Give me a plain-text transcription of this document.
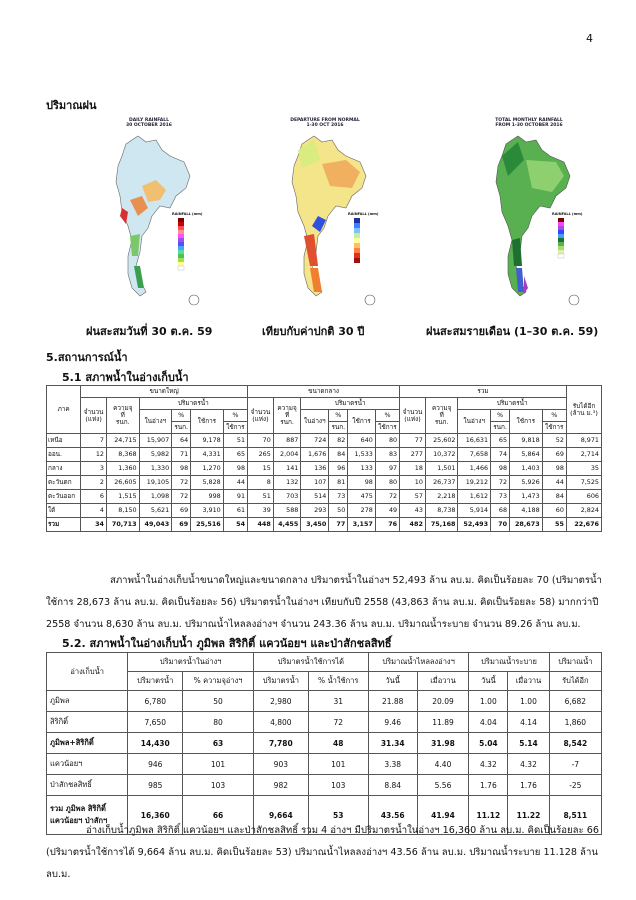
4
ปริมาณฝน
DAILY RAINFALL
30 OCTOBER 2016
RAINFALL (mm)
DEPARTURE FROM NORMAL
1-30 OCT 2016
RAINFALL (mm)
TOTAL MONTHLY RAINFALL
FROM 1-30 OCTOBER 2016
RAINFALL (mm)
ฝนสะสมวันที่ 30 ต.ค. 59	เทียบกับค่าปกติ 30 ปี	ฝนสะสมรายเดือน (1–30 ต.ค. 59)
5.สถานการณ์น้ำ
5.1 สภาพน้ำในอ่างเก็บน้ำ
ภาค	ขนาดใหญ่						ขนาดกลาง						รวม						รับได้อีก
(ล้าน ม.³)
	จำนวน
(แห่ง)	ความจุ
ที่
รนก.	ปริมาตรน้ำ				จำนวน
(แห่ง)	ความจุ
ที่
รนก.	ปริมาตรน้ำ				จำนวน
(แห่ง)	ความจุ
ที่
รนก.	ปริมาตรน้ำ				
			ในอ่างฯ	%	ใช้การ	%			ในอ่างฯ	%	ใช้การ	%			ในอ่างฯ	%	ใช้การ	%	
				รนก.		ใช้การ				รนก.		ใช้การ				รนก.		ใช้การ	
เหนือ	7	24,715	15,907	64	9,178	51	70	887	724	82	640	80	77	25,602	16,631	65	9,818	52	8,971
ออน.	12	8,368	5,982	71	4,331	65	265	2,004	1,676	84	1,533	83	277	10,372	7,658	74	5,864	69	2,714
กลาง	3	1,360	1,330	98	1,270	98	15	141	136	96	133	97	18	1,501	1,466	98	1,403	98	35
ตะวันตก	2	26,605	19,105	72	5,828	44	8	132	107	81	98	80	10	26,737	19,212	72	5,926	44	7,525
ตะวันออก	6	1,515	1,098	72	998	91	51	703	514	73	475	72	57	2,218	1,612	73	1,473	84	606
ใต้	4	8,150	5,621	69	3,910	61	39	588	293	50	278	49	43	8,738	5,914	68	4,188	60	2,824
รวม	34	70,713	49,043	69	25,516	54	448	4,455	3,450	77	3,157	76	482	75,168	52,493	70	28,673	55	22,676
สภาพน้ำในอ่างเก็บน้ำขนาดใหญ่และขนาดกลาง ปริมาตรน้ำในอ่างฯ 52,493 ล้าน ลบ.ม. คิดเป็นร้อยละ 70 (ปริมาตรน้ำใช้การ 28,673 ล้าน ลบ.ม. คิดเป็นร้อยละ 56) ปริมาตรน้ำในอ่างฯ เทียบกับปี 2558 (43,863 ล้าน ลบ.ม. คิดเป็นร้อยละ 58) มากกว่าปี 2558 จำนวน 8,630 ล้าน ลบ.ม. ปริมาณน้ำไหลลงอ่างฯ จำนวน 243.36 ล้าน ลบ.ม. ปริมาณน้ำระบาย จำนวน 89.26 ล้าน ลบ.ม.
5.2. สภาพน้ำในอ่างเก็บน้ำ ภูมิพล สิริกิติ์ แควน้อยฯ และป่าสักชลสิทธิ์
อ่างเก็บน้ำ	ปริมาตรน้ำในอ่างฯ		ปริมาตรน้ำใช้การได้		ปริมาณน้ำไหลลงอ่างฯ		ปริมาณน้ำระบาย		ปริมาณน้ำ
	ปริมาตรน้ำ	% ความจุอ่างฯ	ปริมาตรน้ำ	% น้ำใช้การ	วันนี้	เมื่อวาน	วันนี้	เมื่อวาน	รับได้อีก
ภูมิพล	6,780	50	2,980	31	21.88	20.09	1.00	1.00	6,682
สิริกิติ์	7,650	80	4,800	72	9.46	11.89	4.04	4.14	1,860
ภูมิพล+สิริกิติ์	14,430	63	7,780	48	31.34	31.98	5.04	5.14	8,542
แควน้อยฯ	946	101	903	101	3.38	4.40	4.32	4.32	-7
ป่าสักชลสิทธิ์	985	103	982	103	8.84	5.56	1.76	1.76	-25
รวม ภูมิพล สิริกิติ์
แควน้อยฯ ป่าสักฯ	16,360	66	9,664	53	43.56	41.94	11.12	11.22	8,511
อ่างเก็บน้ำภูมิพล สิริกิติ์ แควน้อยฯ และป่าสักชลสิทธิ์ รวม 4 อ่างฯ มีปริมาตรน้ำในอ่างฯ 16,360 ล้าน ลบ.ม. คิดเป็นร้อยละ 66 (ปริมาตรน้ำใช้การได้ 9,664 ล้าน ลบ.ม. คิดเป็นร้อยละ 53) ปริมาณน้ำไหลลงอ่างฯ 43.56 ล้าน ลบ.ม. ปริมาณน้ำระบาย 11.128 ล้าน ลบ.ม.
